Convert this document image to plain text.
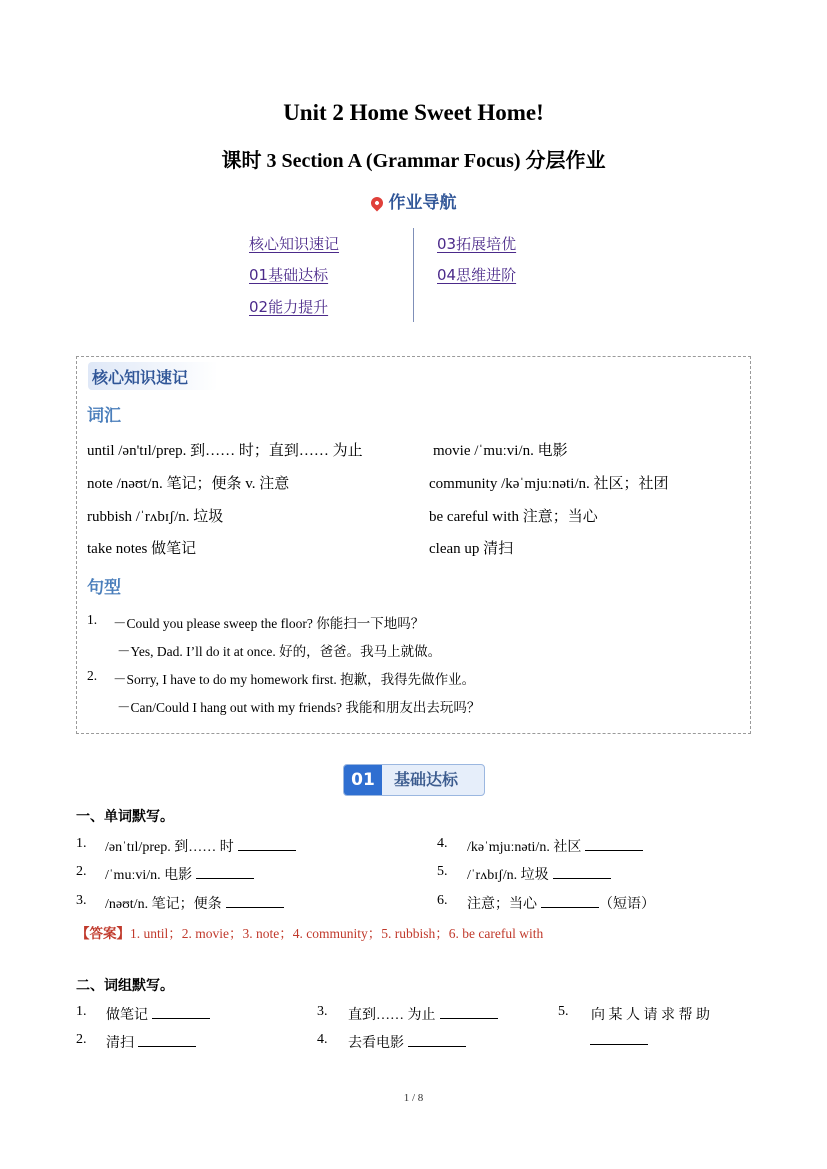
Unit 2 Home Sweet Home!
课时 3 Section A (Grammar Focus) 分层作业
作业导航
核心知识速记
01基础达标
02能力提升
03拓展培优
04思维进阶
词汇
until /ən'tɪl/prep. 到…… 时；直到…… 为止
note /nəʊt/n. 笔记；便条 v. 注意
rubbish /ˈrʌbɪʃ/n. 垃圾
take notes 做笔记
movie /ˈmuːvi/n. 电影
community /kəˈmjuːnəti/n. 社区；社团
be careful with 注意；当心
clean up 清扫
句型
1. －Could you please sweep the floor? 你能扫一下地吗？
－Yes, Dad. I’ll do it at once. 好的，爸爸。我马上就做。
2. －Sorry, I have to do my homework first. 抱歉，我得先做作业。
－Can/Could I hang out with my friends? 我能和朋友出去玩吗？
核心知识速记
01	基础达标
一、单词默写。
1. /ənˈtɪl/prep. 到…… 时
2. /ˈmuːvi/n. 电影
3. /nəʊt/n. 笔记；便条
4. /kəˈmjuːnəti/n. 社区
5. /ˈrʌbɪʃ/n. 垃圾
6. 注意；当心	（短语）
【答案】1. until；2. movie；3. note；4. community；5. rubbish；6. be careful with
二、词组默写。
1. 做笔记
2. 清扫
3. 直到…… 为止
4. 去看电影
5. 向 某 人 请 求 帮 助
1 / 8
